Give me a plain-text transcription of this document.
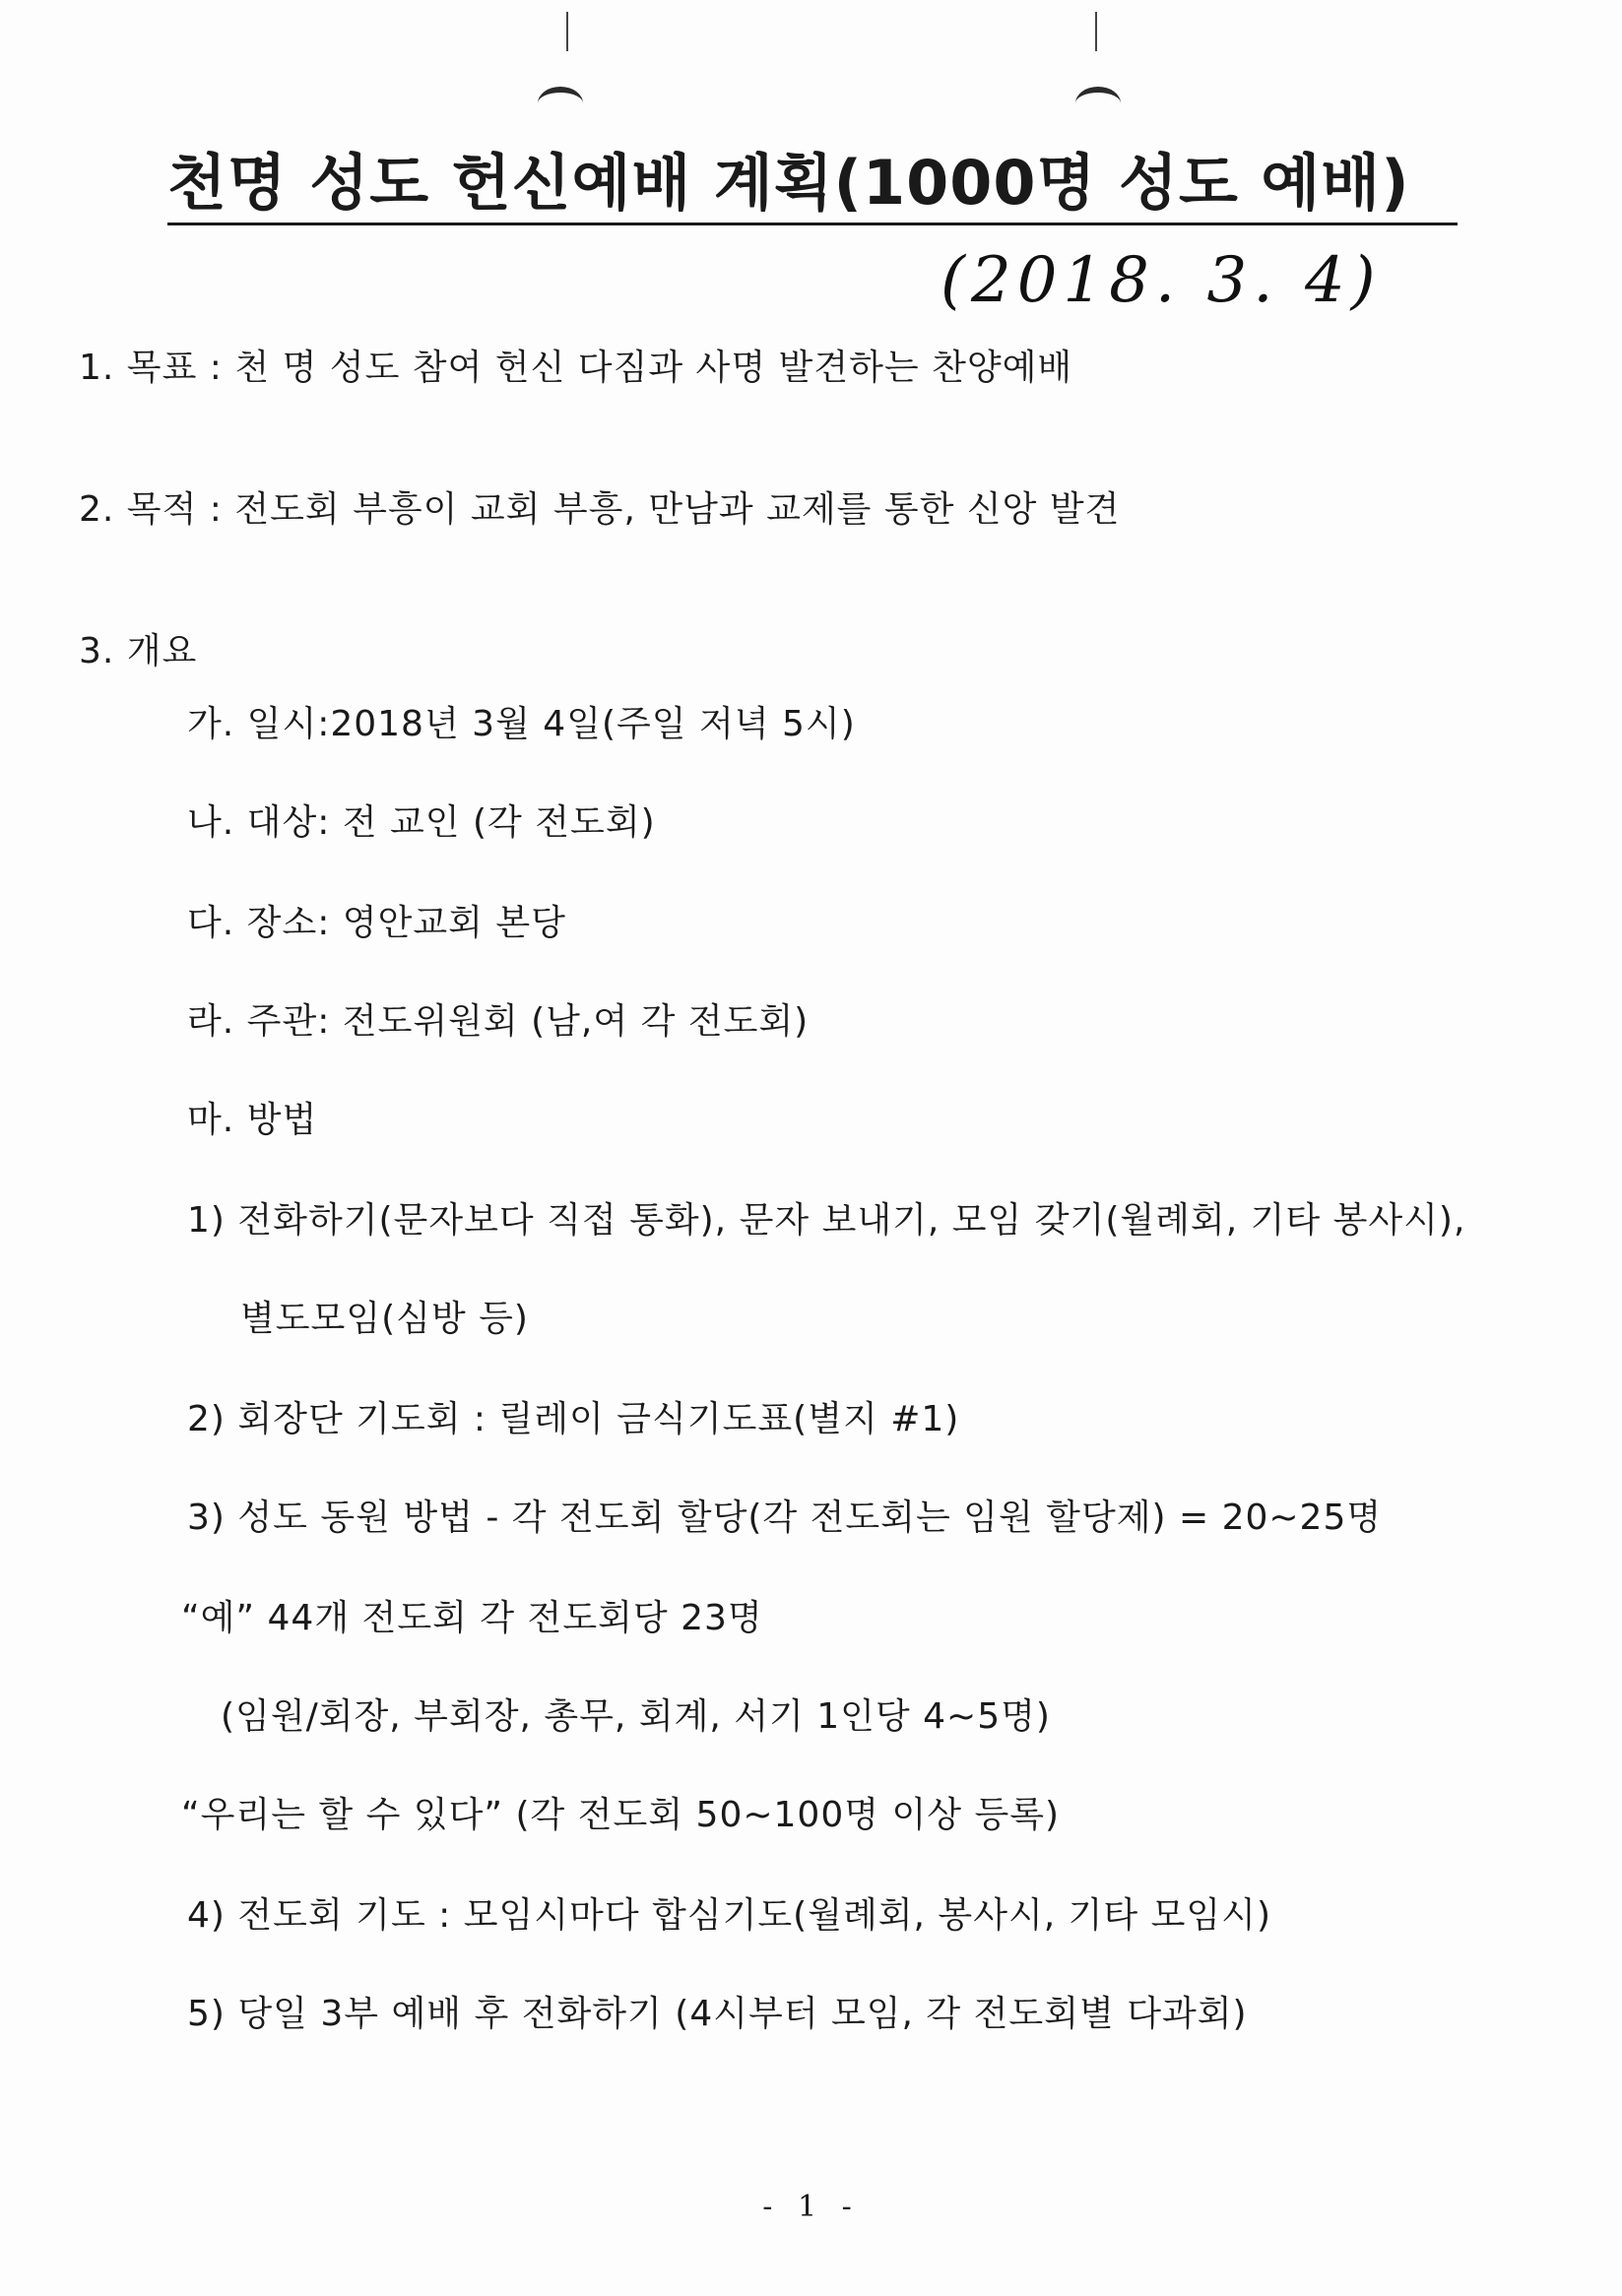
천명 성도 헌신예배 계획(1000명 성도 예배)
(2018. 3. 4)
1. 목표 : 천 명 성도 참여 헌신 다짐과 사명 발견하는 찬양예배
2. 목적 : 전도회 부흥이 교회 부흥, 만남과 교제를 통한 신앙 발견
3. 개요
가. 일시:2018년 3월 4일(주일 저녁 5시)
나. 대상: 전 교인 (각 전도회)
다. 장소: 영안교회 본당
라. 주관: 전도위원회 (남,여 각 전도회)
마. 방법
1) 전화하기(문자보다 직접 통화), 문자 보내기, 모임 갖기(월례회, 기타 봉사시),
별도모임(심방 등)
2) 회장단 기도회 : 릴레이 금식기도표(별지 #1)
3) 성도 동원 방법 - 각 전도회 할당(각 전도회는 임원 할당제) = 20~25명
“예” 44개 전도회 각 전도회당 23명
(임원/회장, 부회장, 총무, 회계, 서기 1인당 4~5명)
“우리는 할 수 있다” (각 전도회 50~100명 이상 등록)
4) 전도회 기도 : 모임시마다 합심기도(월례회, 봉사시, 기타 모임시)
5) 당일 3부 예배 후 전화하기 (4시부터 모임, 각 전도회별 다과회)
- 1 -
